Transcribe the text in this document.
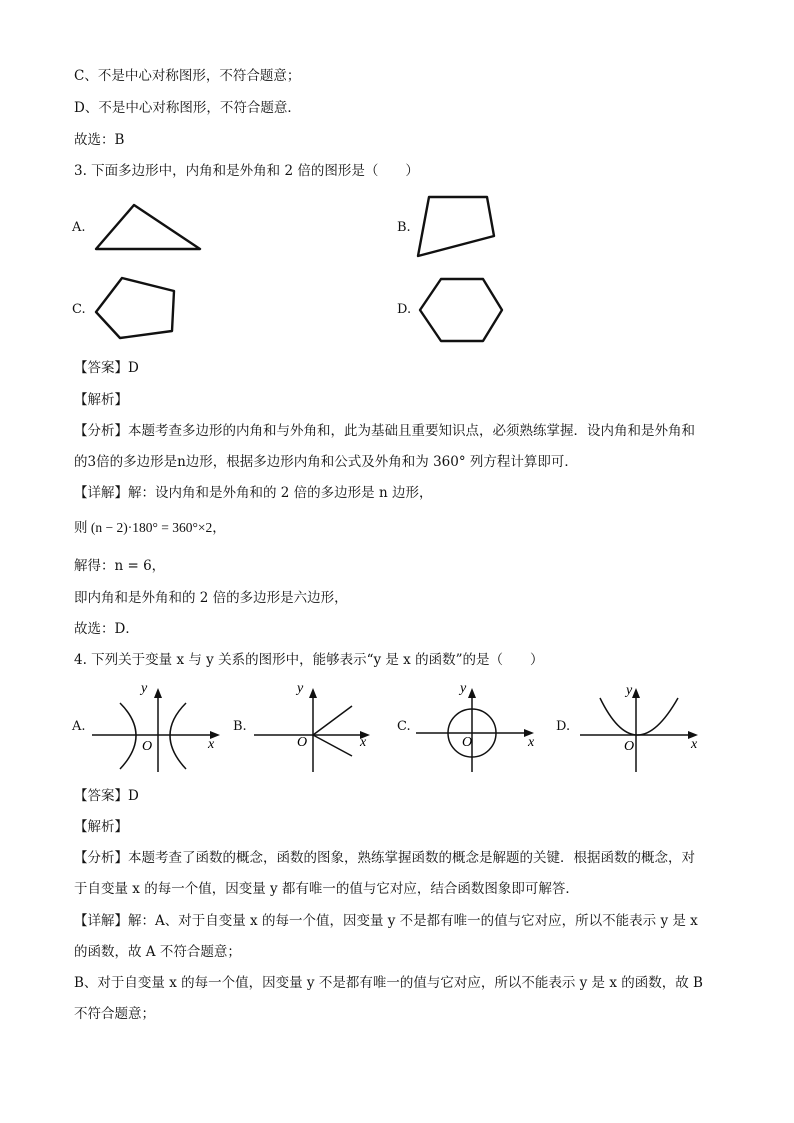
C、不是中心对称图形，不符合题意；
D、不是中心对称图形，不符合题意．
故选：B
3. 下面多边形中，内角和是外角和 2 倍的图形是（　　）
A.	B.
C.	D.
【答案】D
【解析】
【分析】本题考查多边形的内角和与外角和，此为基础且重要知识点，必须熟练掌握．设内角和是外角和
的3倍的多边形是n边形，根据多边形内角和公式及外角和为 360° 列方程计算即可．
【详解】解：设内角和是外角和的 2 倍的多边形是 n 边形，
则 (n − 2)·180° = 360°×2，
解得：n = 6，
即内角和是外角和的 2 倍的多边形是六边形，
故选：D．
4. 下列关于变量 x 与 y 关系的图形中，能够表示“y 是 x 的函数”的是（　　）
A.
y
O	x
B.
y
O	x
C.
y
O	x
D.
y
O	x
【答案】D
【解析】
【分析】本题考查了函数的概念，函数的图象，熟练掌握函数的概念是解题的关键．根据函数的概念，对
于自变量 x 的每一个值，因变量 y 都有唯一的值与它对应，结合函数图象即可解答．
【详解】解：A、对于自变量 x 的每一个值，因变量 y 不是都有唯一的值与它对应，所以不能表示 y 是 x
的函数，故 A 不符合题意；
B、对于自变量 x 的每一个值，因变量 y 不是都有唯一的值与它对应，所以不能表示 y 是 x 的函数，故 B
不符合题意；
